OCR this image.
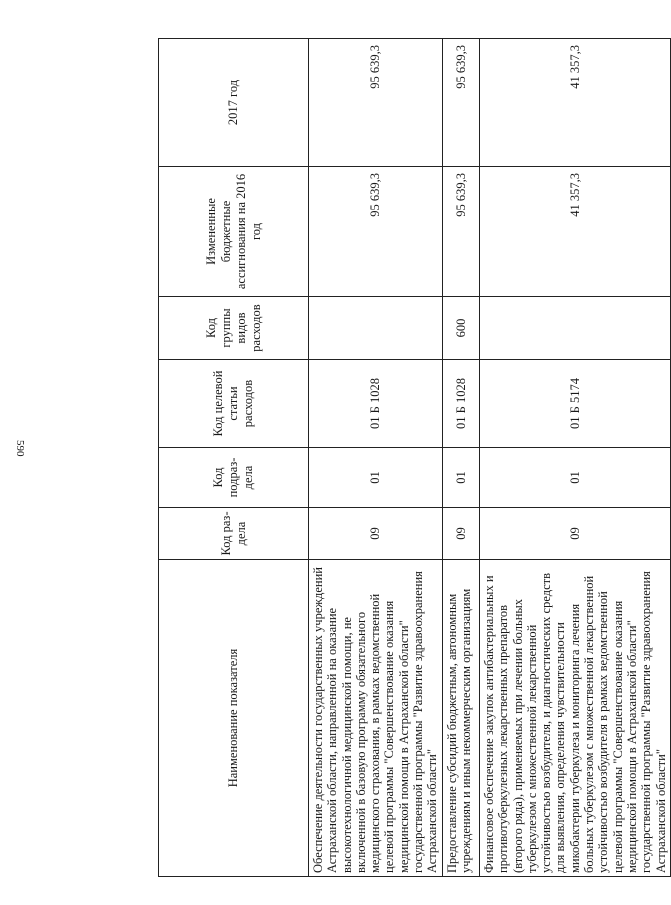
590
Наименование показателя	Код раз-дела	Код подраз-дела	Код целевой статьи расходов	Код группы видов расходов	Измененные бюджетные ассигнования на 2016 год	2017 год
Обеспечение деятельности государственных учреждений Астраханской области, направленной на оказание высокотехнологичной медицинской помощи, не включенной в базовую программу обязательного медицинского страхования, в рамках ведомственной целевой программы "Совершенствование оказания медицинской помощи в Астраханской области" государственной программы "Развитие здравоохранения Астраханской области"	09	01	01 Б 1028		95 639,3	95 639,3
Предоставление субсидий бюджетным, автономным учреждениям и иным некоммерческим организациям	09	01	01 Б 1028	600	95 639,3	95 639,3
Финансовое обеспечение закупок антибактериальных и противотуберкулезных лекарственных препаратов (второго ряда), применяемых при лечении больных туберкулезом с множественной лекарственной устойчивостью возбудителя, и диагностических средств для выявления, определения чувствительности микобактерии туберкулеза и мониторинга лечения больных туберкулезом с множественной лекарственной устойчивостью возбудителя в рамках ведомственной целевой программы "Совершенствование оказания медицинской помощи в Астраханской области" государственной программы "Развитие здравоохранения Астраханской области"	09	01	01 Б 5174		41 357,3	41 357,3
